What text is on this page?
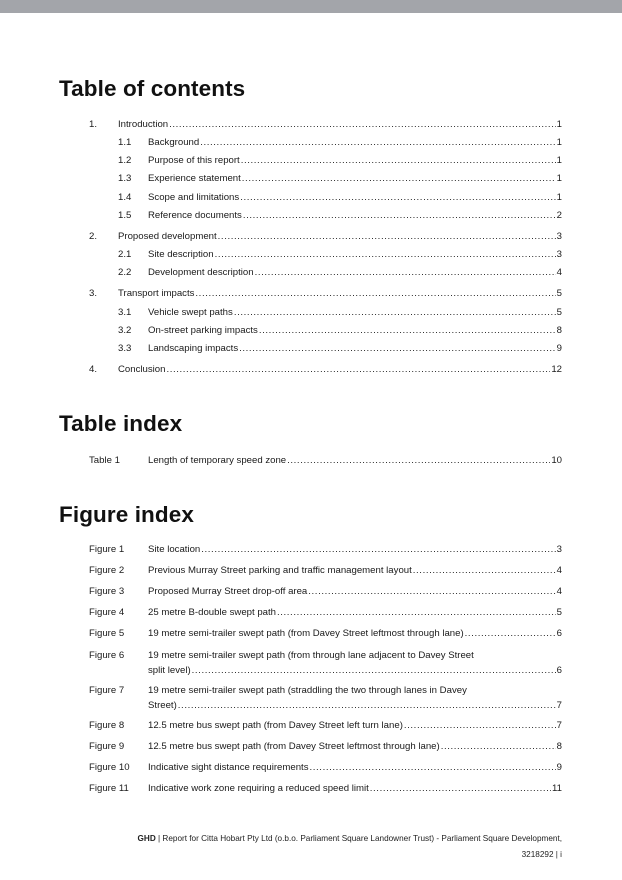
Table of contents
1. Introduction .....	1
1.1 Background .....	1
1.2 Purpose of this report .....	1
1.3 Experience statement .....	1
1.4 Scope and limitations .....	1
1.5 Reference documents .....	2
2. Proposed development .....	3
2.1 Site description .....	3
2.2 Development description .....	4
3. Transport impacts .....	5
3.1 Vehicle swept paths .....	5
3.2 On-street parking impacts .....	8
3.3 Landscaping impacts .....	9
4. Conclusion .....	12
Table index
Table 1	Length of temporary speed zone .....	10
Figure index
Figure 1 Site location .....	3
Figure 2 Previous Murray Street parking and traffic management layout .....	4
Figure 3 Proposed Murray Street drop-off area .....	4
Figure 4 25 metre B-double swept path .....	5
Figure 5 19 metre semi-trailer swept path (from Davey Street leftmost through lane) .....	6
Figure 6 19 metre semi-trailer swept path (from through lane adjacent to Davey Street
split level) .....	6
Figure 7 19 metre semi-trailer swept path (straddling the two through lanes in Davey
Street) .....	7
Figure 8 12.5 metre bus swept path (from Davey Street left turn lane) .....	7
Figure 9 12.5 metre bus swept path (from Davey Street leftmost through lane) .....	8
Figure 10 Indicative sight distance requirements .....	9
Figure 11 Indicative work zone requiring a reduced speed limit .....	11
GHD | Report for Citta Hobart Pty Ltd (o.b.o. Parliament Square Landowner Trust) - Parliament Square Development,
3218292 | i
